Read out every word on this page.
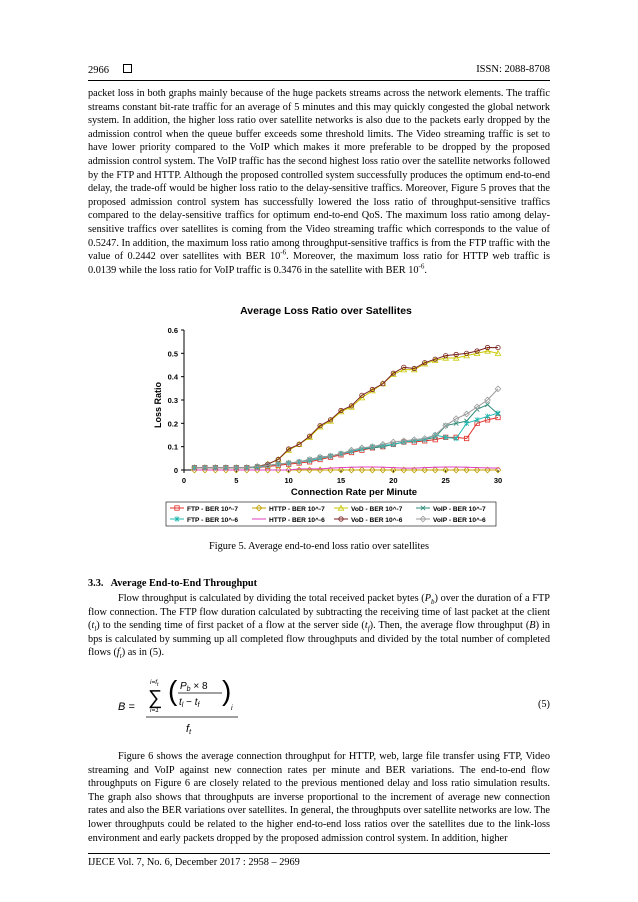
2966	ISSN: 2088-8708

packet loss in both graphs mainly because of the huge packets streams across the network elements. The traffic streams constant bit-rate traffic for an average of 5 minutes and this may quickly congested the global network system. In addition, the higher loss ratio over satellite networks is also due to the packets early dropped by the admission control when the queue buffer exceeds some threshold limits. The Video streaming traffic is set to have lower priority compared to the VoIP which makes it more preferable to be dropped by the proposed admission control system. The VoIP traffic has the second highest loss ratio over the satellite networks followed by the FTP and HTTP. Although the proposed controlled system successfully produces the optimum end-to-end delay, the trade-off would be higher loss ratio to the delay-sensitive traffics. Moreover, Figure 5 proves that the proposed admission control system has successfully lowered the loss ratio of throughput-sensitive traffics compared to the delay-sensitive traffics for optimum end-to-end QoS. The maximum loss ratio among delay-sensitive traffics over satellites is coming from the Video streaming traffic which corresponds to the value of 0.5247. In addition, the maximum loss ratio among throughput-sensitive traffics is from the FTP traffic with the value of 0.2442 over satellites with BER $10^{-6}$. Moreover, the maximum loss ratio for HTTP web traffic is 0.0139 while the loss ratio for VoIP traffic is 0.3476 in the satellite with BER $10^{-6}$.

Average Loss Ratio over Satellites
Loss Ratio
Connection Rate per Minute
0
0.1
0.2
0.3
0.4
0.5
0.6
0	5	10	15	20	25	30
FTP - BER 10^-7	HTTP - BER 10^-7	VoD - BER 10^-7	VoIP - BER 10^-7
FTP - BER 10^-6	HTTP - BER 10^-6	VoD - BER 10^-6	VoIP - BER 10^-6
Figure 5. Average end-to-end loss ratio over satellites
3.3. Average End-to-End Throughput

Flow throughput is calculated by dividing the total received packet bytes $(P_b)$ over the duration of a FTP flow connection. The FTP flow duration calculated by subtracting the receiving time of last packet at the client $(t_l)$ to the sending time of first packet of a flow at the server side $(t_f)$. Then, the average flow throughput (B) in bps is calculated by summing up all completed flow throughputs and divided by the total number of completed flows $(f_t)$ as in (5).

B =
$i=f_t$
∑
i=1
( $P_b \times 8$
$t_l - t_f$ )
i
ft
(5)

Figure 6 shows the average connection throughput for HTTP, web, large file transfer using FTP, Video streaming and VoIP against new connection rates per minute and BER variations. The end-to-end flow throughputs on Figure 6 are closely related to the previous mentioned delay and loss ratio simulation results. The graph also shows that throughputs are inverse proportional to the increment of average new connection rates and also the BER variations over satellites. In general, the throughputs over satellite networks are low. The lower throughputs could be related to the higher end-to-end loss ratios over the satellites due to the link-loss environment and early packets dropped by the proposed admission control system. In addition, higher

IJECE Vol. 7, No. 6, December 2017 : 2958 – 2969
